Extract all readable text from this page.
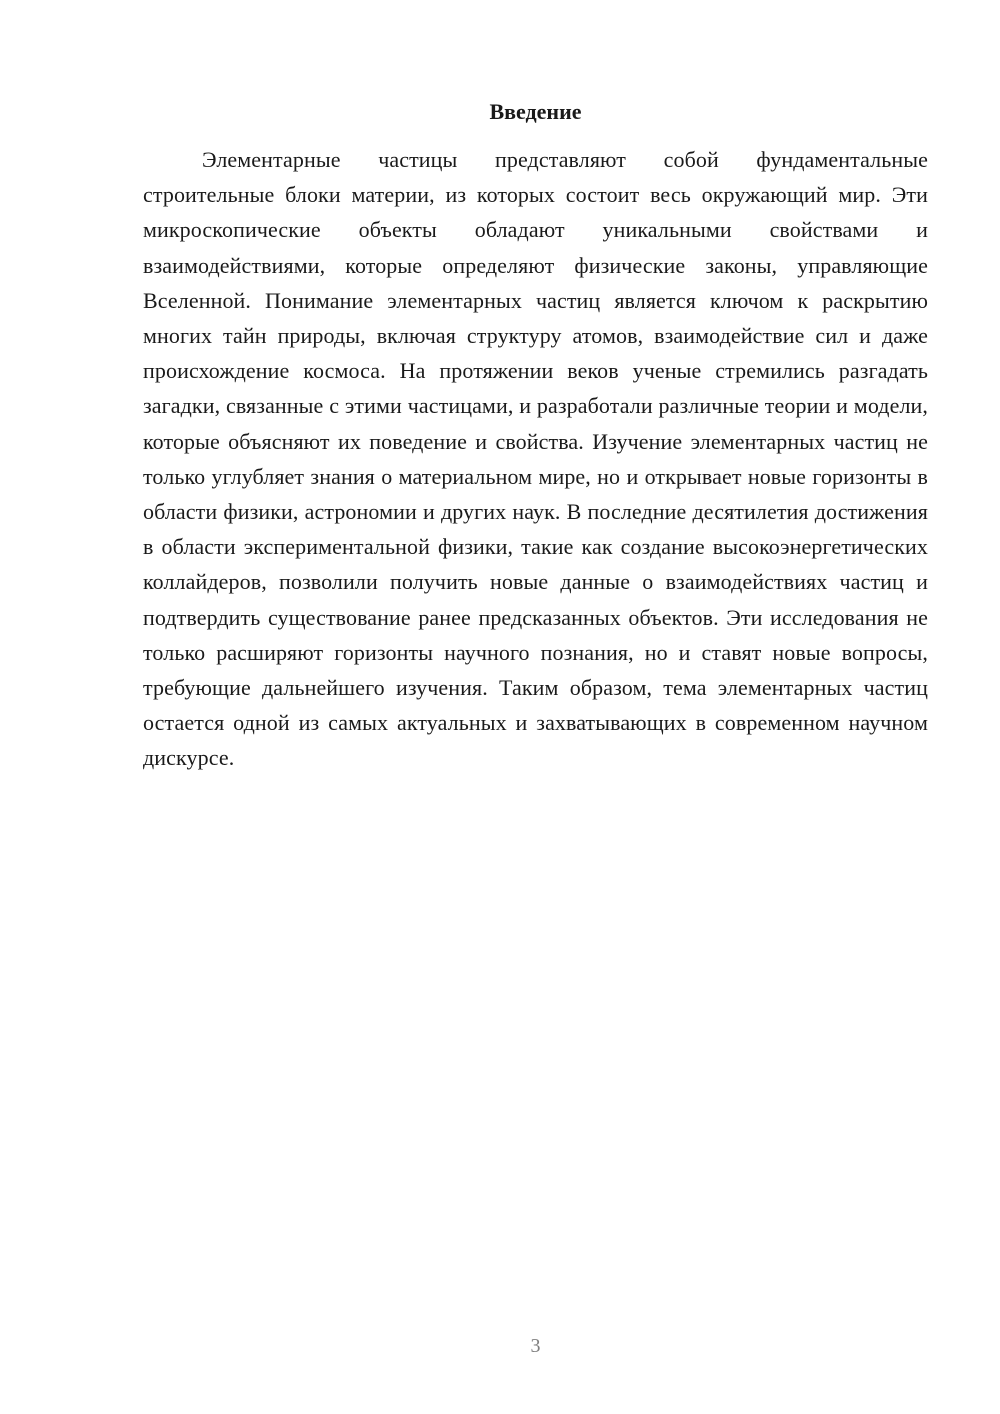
Введение

Элементарные частицы представляют собой фундаментальные строительные блоки материи, из которых состоит весь окружающий мир. Эти микроскопические объекты обладают уникальными свойствами и взаимодействиями, которые определяют физические законы, управляющие Вселенной. Понимание элементарных частиц является ключом к раскрытию многих тайн природы, включая структуру атомов, взаимодействие сил и даже происхождение космоса. На протяжении веков ученые стремились разгадать загадки, связанные с этими частицами, и разработали различные теории и модели, которые объясняют их поведение и свойства. Изучение элементарных частиц не только углубляет знания о материальном мире, но и открывает новые горизонты в области физики, астрономии и других наук. В последние десятилетия достижения в области экспериментальной физики, такие как создание высокоэнергетических коллайдеров, позволили получить новые данные о взаимодействиях частиц и подтвердить существование ранее предсказанных объектов. Эти исследования не только расширяют горизонты научного познания, но и ставят новые вопросы, требующие дальнейшего изучения. Таким образом, тема элементарных частиц остается одной из самых актуальных и захватывающих в современном научном дискурсе.

3
